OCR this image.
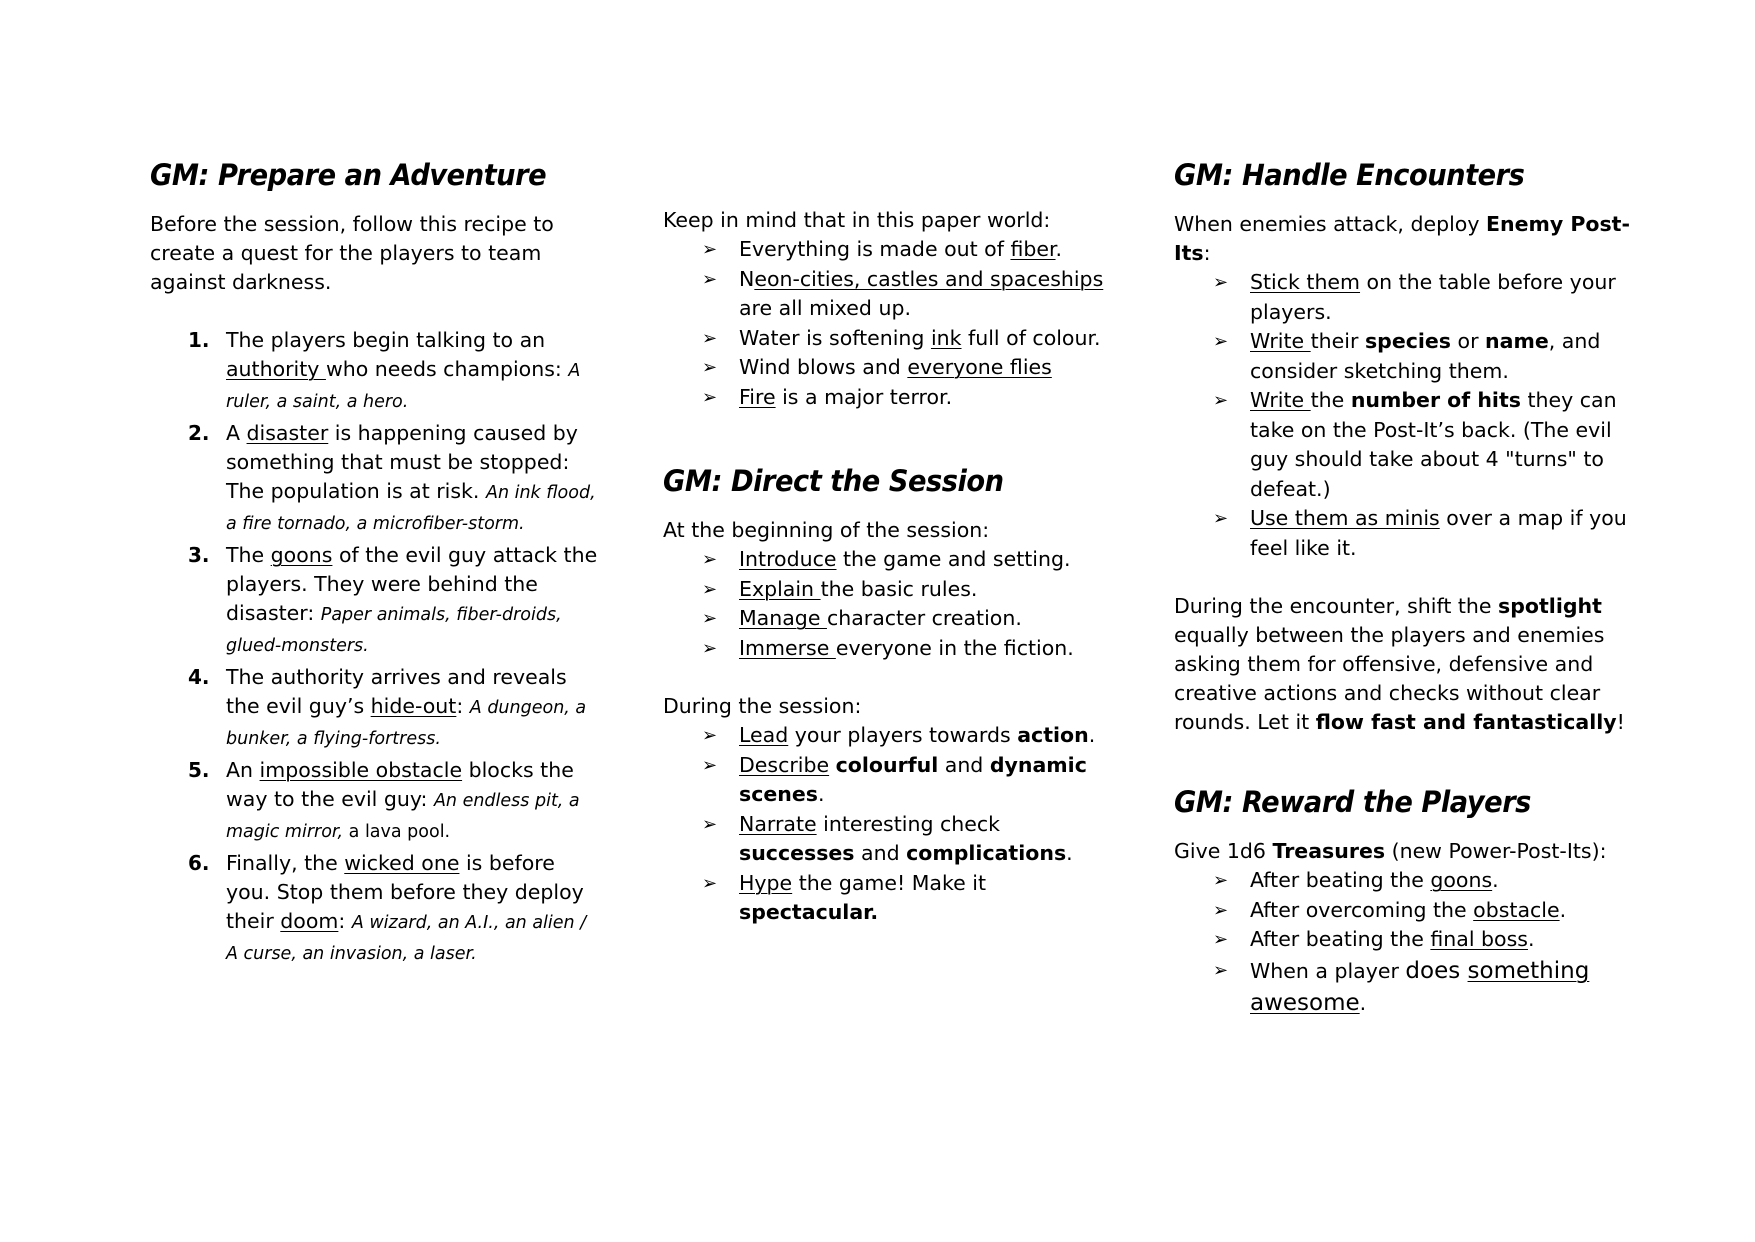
GM: Prepare an Adventure

Before the session, follow this recipe to create a quest for the players to team against darkness.

1. The players begin talking to an authority who needs champions: A ruler, a saint, a hero.
2. A disaster is happening caused by something that must be stopped: The population is at risk. An ink flood, a fire tornado, a microfiber-storm.
3. The goons of the evil guy attack the players. They were behind the disaster: Paper animals, fiber-droids, glued-monsters.
4. The authority arrives and reveals the evil guy’s hide-out: A dungeon, a bunker, a flying-fortress.
5. An impossible obstacle blocks the way to the evil guy: An endless pit, a magic mirror, a lava pool.
6. Finally, the wicked one is before you. Stop them before they deploy their doom: A wizard, an A.I., an alien / A curse, an invasion, a laser.

Keep in mind that in this paper world:

➢ Everything is made out of fiber.
➢ Neon-cities, castles and spaceships are all mixed up.
➢ Water is softening ink full of colour.
➢ Wind blows and everyone flies
➢ Fire is a major terror.
GM: Direct the Session

At the beginning of the session:

➢ Introduce the game and setting.
➢ Explain the basic rules.
➢ Manage character creation.
➢ Immerse everyone in the fiction.

During the session:

➢ Lead your players towards action.
➢ Describe colourful and dynamic scenes.
➢ Narrate interesting check successes and complications.
➢ Hype the game! Make it spectacular.
GM: Handle Encounters

When enemies attack, deploy Enemy Post-Its:

➢ Stick them on the table before your players.
➢ Write their species or name, and consider sketching them.
➢ Write the number of hits they can take on the Post-It’s back. (The evil guy should take about 4 "turns" to defeat.)
➢ Use them as minis over a map if you feel like it.

During the encounter, shift the spotlight equally between the players and enemies asking them for offensive, defensive and creative actions and checks without clear rounds. Let it flow fast and fantastically!

GM: Reward the Players

Give 1d6 Treasures (new Power-Post-Its):

➢ After beating the goons.
➢ After overcoming the obstacle.
➢ After beating the final boss.
➢ When a player does something awesome.
